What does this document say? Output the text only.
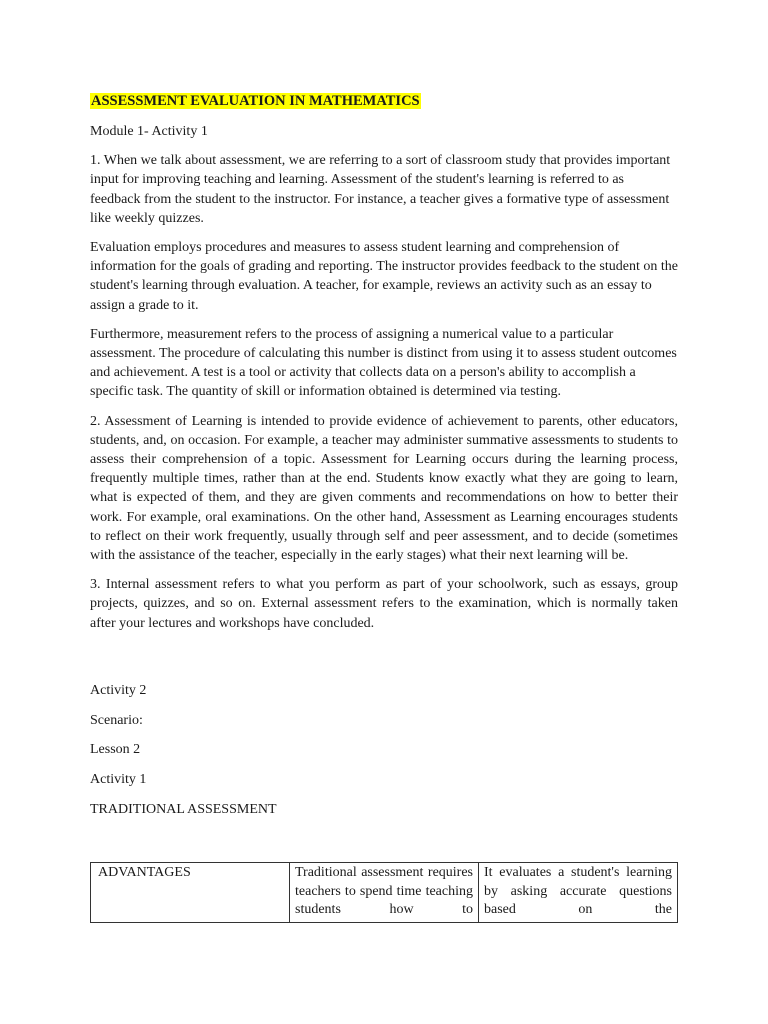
ASSESSMENT EVALUATION IN MATHEMATICS

Module 1- Activity 1

1. When we talk about assessment, we are referring to a sort of classroom study that provides important input for improving teaching and learning. Assessment of the student's learning is referred to as feedback from the student to the instructor. For instance, a teacher gives a formative type of assessment like weekly quizzes.

Evaluation employs procedures and measures to assess student learning and comprehension of information for the goals of grading and reporting. The instructor provides feedback to the student on the student's learning through evaluation. A teacher, for example, reviews an activity such as an essay to assign a grade to it.

Furthermore, measurement refers to the process of assigning a numerical value to a particular assessment. The procedure of calculating this number is distinct from using it to assess student outcomes and achievement. A test is a tool or activity that collects data on a person's ability to accomplish a specific task. The quantity of skill or information obtained is determined via testing.

2. Assessment of Learning is intended to provide evidence of achievement to parents, other educators, students, and, on occasion. For example, a teacher may administer summative assessments to students to assess their comprehension of a topic. Assessment for Learning occurs during the learning process, frequently multiple times, rather than at the end. Students know exactly what they are going to learn, what is expected of them, and they are given comments and recommendations on how to better their work. For example, oral examinations. On the other hand, Assessment as Learning encourages students to reflect on their work frequently, usually through self and peer assessment, and to decide (sometimes with the assistance of the teacher, especially in the early stages) what their next learning will be.

3. Internal assessment refers to what you perform as part of your schoolwork, such as essays, group projects, quizzes, and so on. External assessment refers to the examination, which is normally taken after your lectures and workshops have concluded.

Activity 2

Scenario:

Lesson 2

Activity 1

TRADITIONAL ASSESSMENT

ADVANTAGES	Traditional assessment requires teachers to spend time teaching students how to	It evaluates a student's learning by asking accurate questions based on the
